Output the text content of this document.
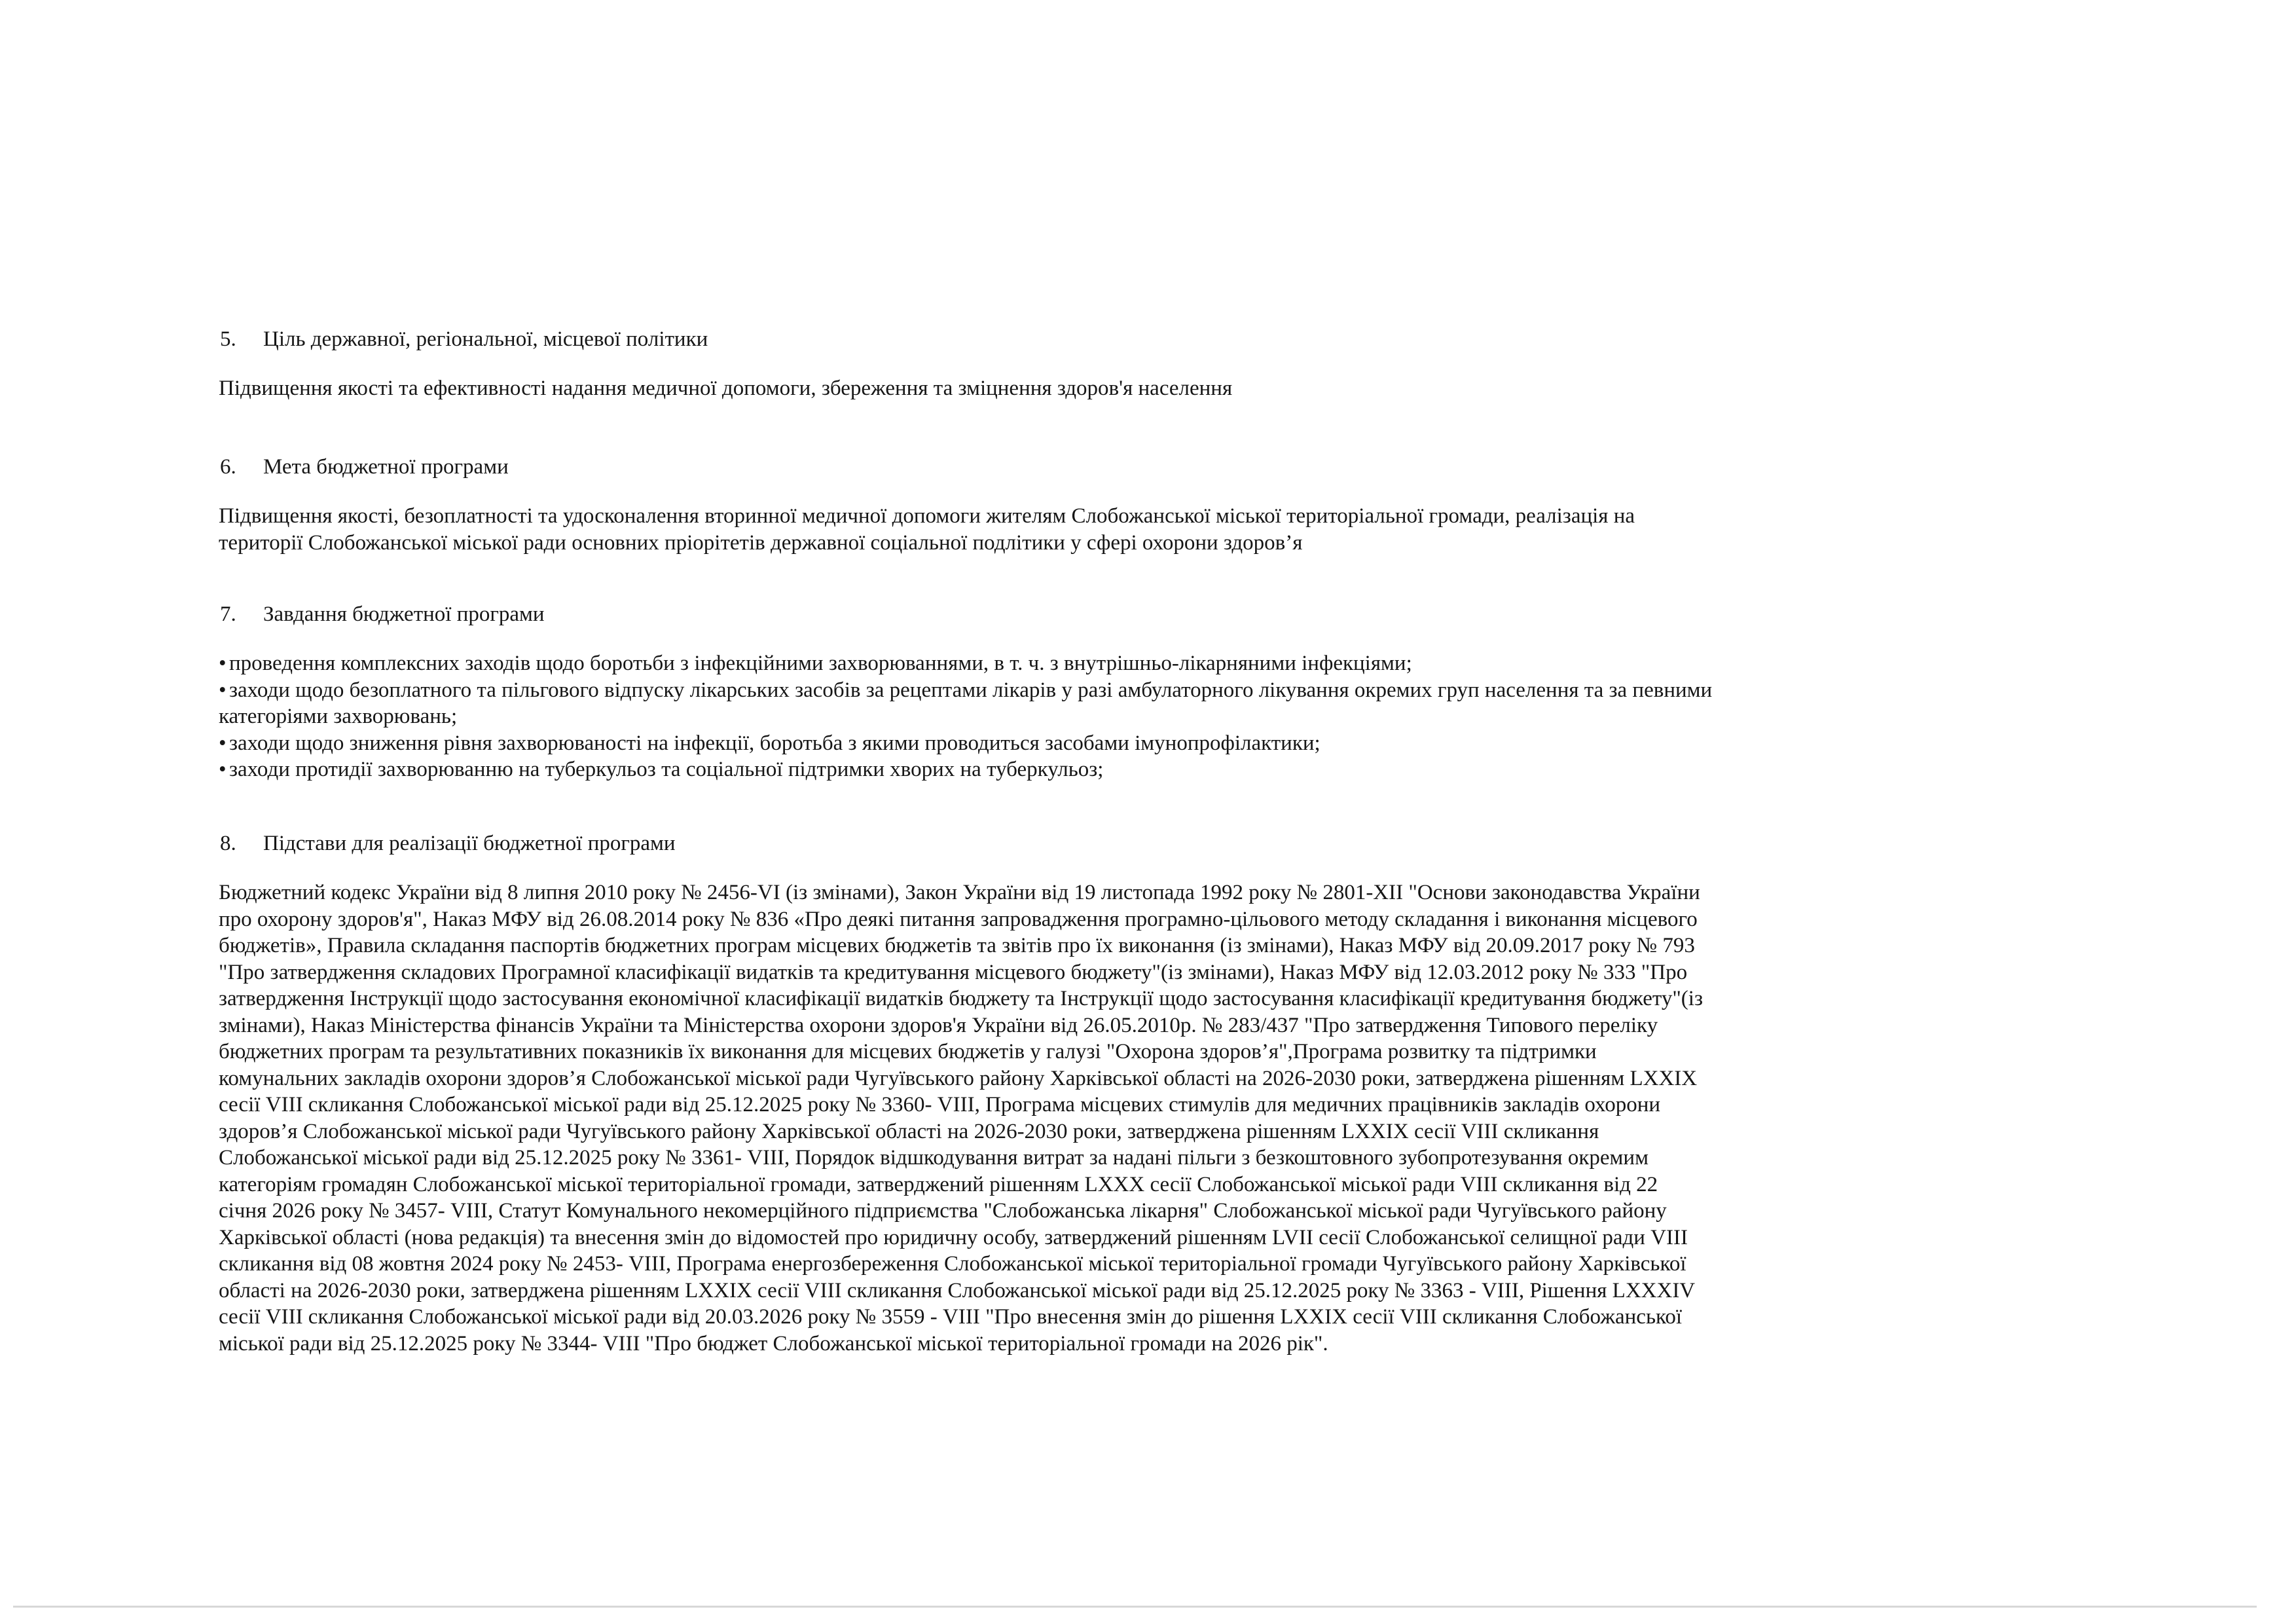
5. Ціль державної, регіональної, місцевої політики
Підвищення якості та ефективності надання медичної допомоги, збереження та зміцнення здоров'я населення
6. Мета бюджетної програми
Підвищення якості, безоплатності та удосконалення вторинної медичної допомоги жителям Слобожанської міської територіальної громади, реалізація на
території Слобожанської міської ради основних пріорітетів державної соціальної подлітики у сфері охорони здоров’я
7. Завдання бюджетної програми
• проведення комплексних заходів щодо боротьби з інфекційними захворюваннями, в т. ч. з внутрішньо-лікарняними інфекціями;
• заходи щодо безоплатного та пільгового відпуску лікарських засобів за рецептами лікарів у разі амбулаторного лікування окремих груп населення та за певними
категоріями захворювань;
• заходи щодо зниження рівня захворюваності на інфекції, боротьба з якими проводиться засобами імунопрофілактики;
• заходи протидії захворюванню на туберкульоз та соціальної підтримки хворих на туберкульоз;
8. Підстави для реалізації бюджетної програми
Бюджетний кодекс України від 8 липня 2010 року № 2456-VI (із змінами), Закон України від 19 листопада 1992 року № 2801-XII "Основи законодавства України
про охорону здоров'я", Наказ МФУ від 26.08.2014 року № 836 «Про деякі питання запровадження програмно-цільового методу складання і виконання місцевого
бюджетів», Правила складання паспортів бюджетних програм місцевих бюджетів та звітів про їх виконання (із змінами), Наказ МФУ від 20.09.2017 року № 793
"Про затвердження складових Програмної класифікації видатків та кредитування місцевого бюджету"(із змінами), Наказ МФУ від 12.03.2012 року № 333 "Про
затвердження Інструкції щодо застосування економічної класифікації видатків бюджету та Інструкції щодо застосування класифікації кредитування бюджету"(із
змінами), Наказ Міністерства фінансів України та Міністерства охорони здоров'я України від 26.05.2010р. № 283/437 "Про затвердження Типового переліку
бюджетних програм та результативних показників їх виконання для місцевих бюджетів у галузі "Охорона здоров’я",Програма розвитку та підтримки
комунальних закладів охорони здоров’я Слобожанської міської ради Чугуївського району Харківської області на 2026-2030 роки, затверджена рішенням LXXIX
сесії VIII скликання Слобожанської міської ради від 25.12.2025 року № 3360- VIII, Програма місцевих стимулів для медичних працівників закладів охорони
здоров’я Слобожанської міської ради Чугуївського району Харківської області на 2026-2030 роки, затверджена рішенням LXXIX сесії VIII скликання
Слобожанської міської ради від 25.12.2025 року № 3361- VIII, Порядок відшкодування витрат за надані пільги з безкоштовного зубопротезування окремим
категоріям громадян Слобожанської міської територіальної громади, затверджений рішенням LXXX сесії Слобожанської міської ради VIII скликання від 22
січня 2026 року № 3457- VIII, Статут Комунального некомерційного підприємства "Слобожанська лікарня" Слобожанської міської ради Чугуївського району
Харківської області (нова редакція) та внесення змін до відомостей про юридичну особу, затверджений рішенням LVII сесії Слобожанської селищної ради VIII
скликання від 08 жовтня 2024 року № 2453- VIII, Програма енергозбереження Слобожанської міської територіальної громади Чугуївського району Харківської
області на 2026-2030 роки, затверджена рішенням LXXIX сесії VIII скликання Слобожанської міської ради від 25.12.2025 року № 3363 - VIII, Рішення LXXXIV
сесії VIII скликання Слобожанської міської ради від 20.03.2026 року № 3559 - VIII "Про внесення змін до рішення LXXIX сесії VIII скликання Слобожанської
міської ради від 25.12.2025 року № 3344- VIII "Про бюджет Слобожанської міської територіальної громади на 2026 рік".
